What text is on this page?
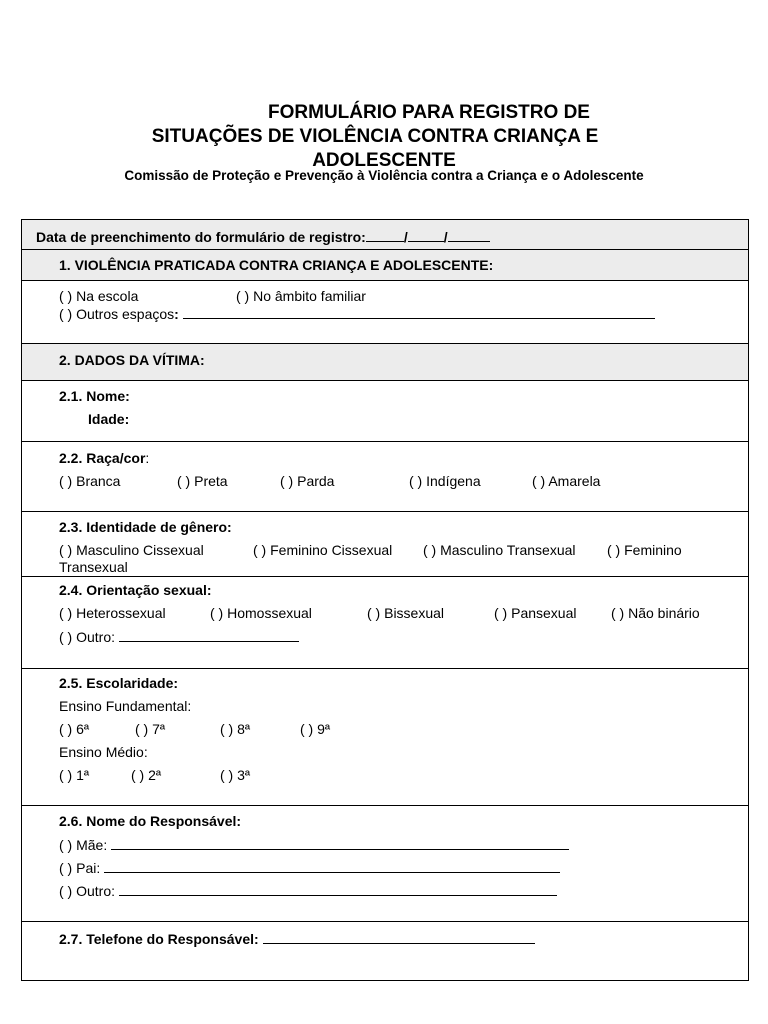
FORMULÁRIO PARA REGISTRO DE
SITUAÇÕES DE VIOLÊNCIA CONTRA CRIANÇA E
ADOLESCENTE
Comissão de Proteção e Prevenção à Violência contra a Criança e o Adolescente
Data de preenchimento do formulário de registro:	/	/
1. VIOLÊNCIA PRATICADA CONTRA CRIANÇA E ADOLESCENTE:
( ) Na escola	( ) No âmbito familiar
( ) Outros espaços:
2. DADOS DA VÍTIMA:
2.1. Nome:
Idade:
2.2. Raça/cor:
( ) Branca	( ) Preta	( ) Parda	( ) Indígena	( ) Amarela
2.3. Identidade de gênero:
( ) Masculino Cissexual	( ) Feminino Cissexual ( ) Masculino Transexual ( ) Feminino
Transexual
2.4. Orientação sexual:
( ) Heterossexual	( ) Homossexual	( ) Bissexual	( ) Pansexual ( ) Não binário
( ) Outro:
2.5. Escolaridade:
Ensino Fundamental:
( ) 6ª	( ) 7ª	( ) 8ª	( ) 9ª
Ensino Médio:
( ) 1ª	( ) 2ª	( ) 3ª
2.6. Nome do Responsável:
( ) Mãe:
( ) Pai:
( ) Outro:
2.7. Telefone do Responsável:
